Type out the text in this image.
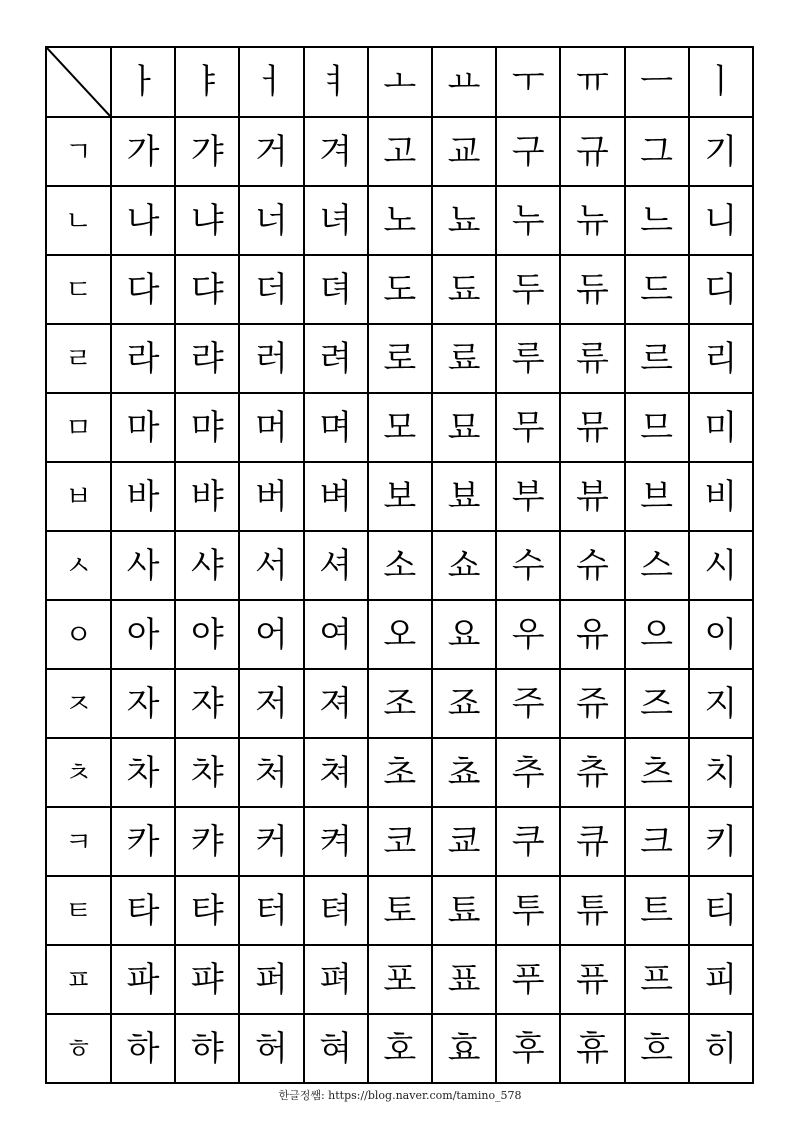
	ㅏ	ㅑ	ㅓ	ㅕ	ㅗ	ㅛ	ㅜ	ㅠ	ㅡ	ㅣ
ㄱ	가	갸	거	겨	고	교	구	규	그	기
ㄴ	나	냐	너	녀	노	뇨	누	뉴	느	니
ㄷ	다	댜	더	뎌	도	됴	두	듀	드	디
ㄹ	라	랴	러	려	로	료	루	류	르	리
ㅁ	마	먀	머	며	모	묘	무	뮤	므	미
ㅂ	바	뱌	버	벼	보	뵤	부	뷰	브	비
ㅅ	사	샤	서	셔	소	쇼	수	슈	스	시
ㅇ	아	야	어	여	오	요	우	유	으	이
ㅈ	자	쟈	저	져	조	죠	주	쥬	즈	지
ㅊ	차	챠	처	쳐	초	쵸	추	츄	츠	치
ㅋ	카	캬	커	켜	코	쿄	쿠	큐	크	키
ㅌ	타	탸	터	텨	토	툐	투	튜	트	티
ㅍ	파	퍄	퍼	펴	포	표	푸	퓨	프	피
ㅎ	하	햐	허	혀	호	효	후	휴	흐	히
한글정쌤: https://blog.naver.com/tamino_578
